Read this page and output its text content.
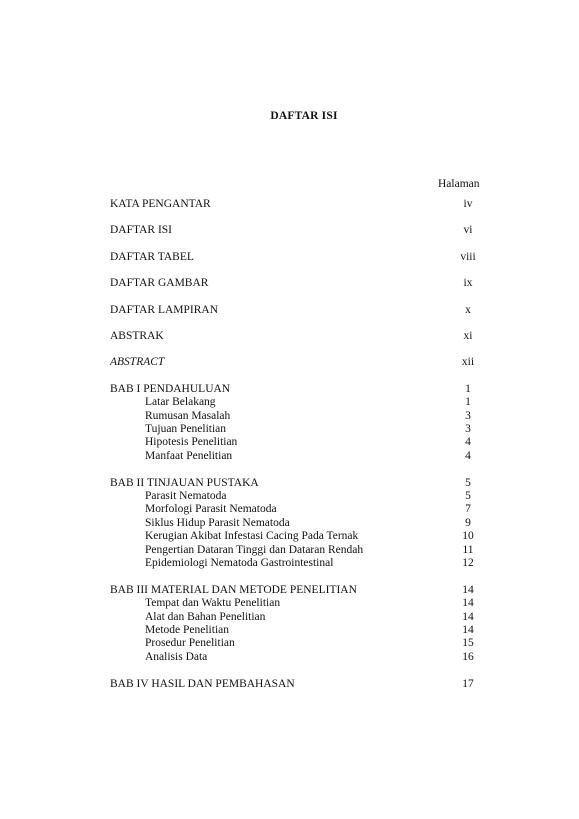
DAFTAR ISI
Halaman
KATA PENGANTAR	iv
DAFTAR ISI	vi
DAFTAR TABEL	viii
DAFTAR GAMBAR	ix
DAFTAR LAMPIRAN	x
ABSTRAK	xi
ABSTRACT	xii
BAB I PENDAHULUAN	1
Latar Belakang	1
Rumusan Masalah	3
Tujuan Penelitian	3
Hipotesis Penelitian	4
Manfaat Penelitian	4
BAB II TINJAUAN PUSTAKA	5
Parasit Nematoda	5
Morfologi Parasit Nematoda	7
Siklus Hidup Parasit Nematoda	9
Kerugian Akibat Infestasi Cacing Pada Ternak	10
Pengertian Dataran Tinggi dan Dataran Rendah	11
Epidemiologi Nematoda Gastrointestinal	12
BAB III MATERIAL DAN METODE PENELITIAN	14
Tempat dan Waktu Penelitian	14
Alat dan Bahan Penelitian	14
Metode Penelitian	14
Prosedur Penelitian	15
Analisis Data	16
BAB IV HASIL DAN PEMBAHASAN	17
